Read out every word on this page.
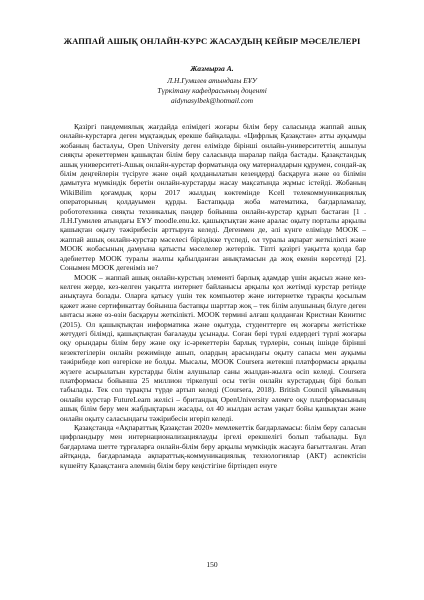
ЖАППАЙ АШЫҚ ОНЛАЙН-КУРС ЖАСАУДЫҢ КЕЙБІР МӘСЕЛЕЛЕРІ
Жазмырза А.
Л.Н.Гумилев атындағы ЕҰУ
Түркітану кафедрасының доценті
aidynasylbek@hotmail.com

Қазіргі пандемиялық жағдайда елімідегі жоғары білім беру саласында жаппай ашық онлайн-курстарға деген мұқтаждық ерекше байқалады. «Цифрлық Қазақстан» атты ауқымды жобаның басталуы, Open University деген елімізде бірінші онлайн-университеттің ашылуы сияқты әрекеттермен қашықтан білім беру саласында шаралар пайда бастады. Қазақстандық ашық университеті-Ашық онлайн-курстар форматында оқу материалдарын құрумен, сондай-ақ білім деңгейлерін түсіруге және оңай қолданылатын кезеңдерді басқаруға және өз білімін дамытуға мүмкіндік беретін онлайн-курстарды жасау мақсатында жұмыс істейді. Жобаның WikiBilim қоғамдық қоры 2017 жылдың көктемінде Kcell телекоммуникациялық операторының қолдауымен құрды. Бастапқыда жоба математика, бағдарламалау, робототехника сияқты техникалық пәндер бойынша онлайн-курстар құрып бастаған [1 . Л.Н.Гумилев атындағы ЕҰУ moodle.enu.kz. қашықтықтан және аралас оқыту порталы арқылы қашықтан оқыту тәжірибесін арттыруға келеді. Дегенмен де, әлі күнге елімізде МООК – жаппай ашық онлайн-курстар мәселесі біріздікке түспеді, ол туралы ақпарат жеткілікті және МООК жобасының дамуына қатысты мәселелер жетерлік. Тіпті қазіргі уақытта қолда бар әдебиеттер МООК туралы жалпы қабылданған анықтамасын да жоқ екенін көрсетеді [2]. Сонымен МООК дегеніміз не?

МООК – жаппай ашық онлайн-курстың элементі барлық адамдар үшін ақысыз және кез-келген жерде, кез-келген уақытта интернет байланысы арқылы қол жетімді курстар ретінде анықтауға болады. Оларға қатысу үшін тек компьютер және интернетке тұрақты қосылым қажет және сертификаттау бойынша бастапқы шарттар жоқ – тек білім алушының білуге деген ынтасы және өз-өзін басқаруы жеткілікті. МООК термині алғаш қолданған Кристиан Квинтис (2015). Ол қашықтықтан информатика және оқытуда, студенттерге ең жоғарғы жетістікке жетудегі білімді, қашықтықтан бағалауды ұсынады. Соған бері түрлі елдердегі түрлі жоғары оқу орындары білім беру және оқу іс-әрекеттерін барлық түрлерін, соның ішінде бірінші кезектегілерін онлайн режимінде ашып, олардың арасындағы оқыту сапасы мен ауқымы тәжірибеде көп өзгеріске ие болды. Мысалы, МООК Coursera жетекші платформасы арқылы жүзеге асырылатын курстарды білім алушылар саны жылдан-жылға өсіп келеді. Coursera платформасы бойынша 25 миллион тіркелуші осы тегін онлайн курстардың бірі болып табылады. Тек сол тұрақты түрде артып келеді (Coursera, 2018). British Council ұйымының онлайн курстар FutureLearn желісі – британдық OpenUniversity әлемге оқу платформасының ашық білім беру мен жабдықтарын жасады, ол 40 жылдан астам уақыт бойы қашықтан және онлайн оқыту саласындағы тәжірибесін игеріп келеді.

Қазақстанда «Ақпараттық Қазақстан 2020» мемлекеттік бағдарламасы: білім беру саласын цифрландыру мен интернационализациялауды іргелі ерекшелігі болып табылады. Бұл бағдарлама шетте тұрғаларға онлайн-білім беру арқылы мүмкіндік жасауға бағытталған. Атап айтқанда, бағдарламада ақпараттық-коммуникациялық технологиялар (АКТ) аспектісін күшейту Қазақстанға әлемнің білім беру кеңістігіне біртіндеп енуге

150
